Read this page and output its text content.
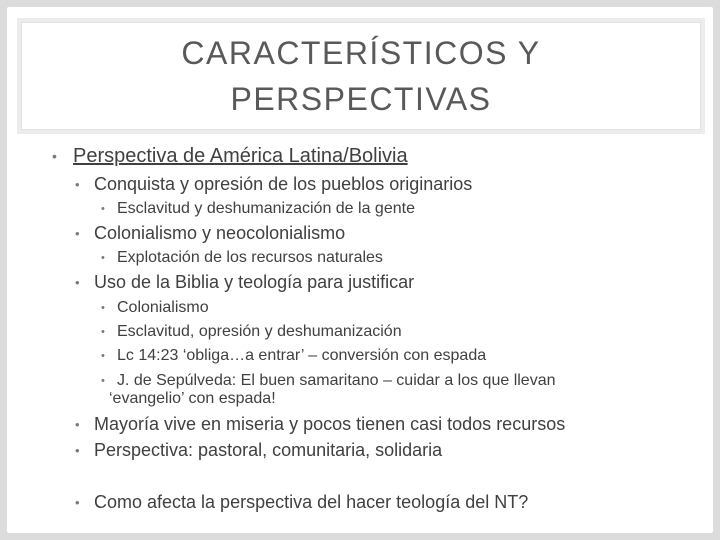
CARACTERÍSTICOS Y
PERSPECTIVAS
• Perspectiva de América Latina/Bolivia
• Conquista y opresión de los pueblos originarios
• Esclavitud y deshumanización de la gente
• Colonialismo y neocolonialismo
• Explotación de los recursos naturales
• Uso de la Biblia y teología para justificar
• Colonialismo
• Esclavitud, opresión y deshumanización
• Lc 14:23 ‘obliga…a entrar’ – conversión con espada
• J. de Sepúlveda: El buen samaritano – cuidar a los que llevan
‘evangelio’ con espada!
• Mayoría vive en miseria y pocos tienen casi todos recursos
• Perspectiva: pastoral, comunitaria, solidaria
• Como afecta la perspectiva del hacer teología del NT?
